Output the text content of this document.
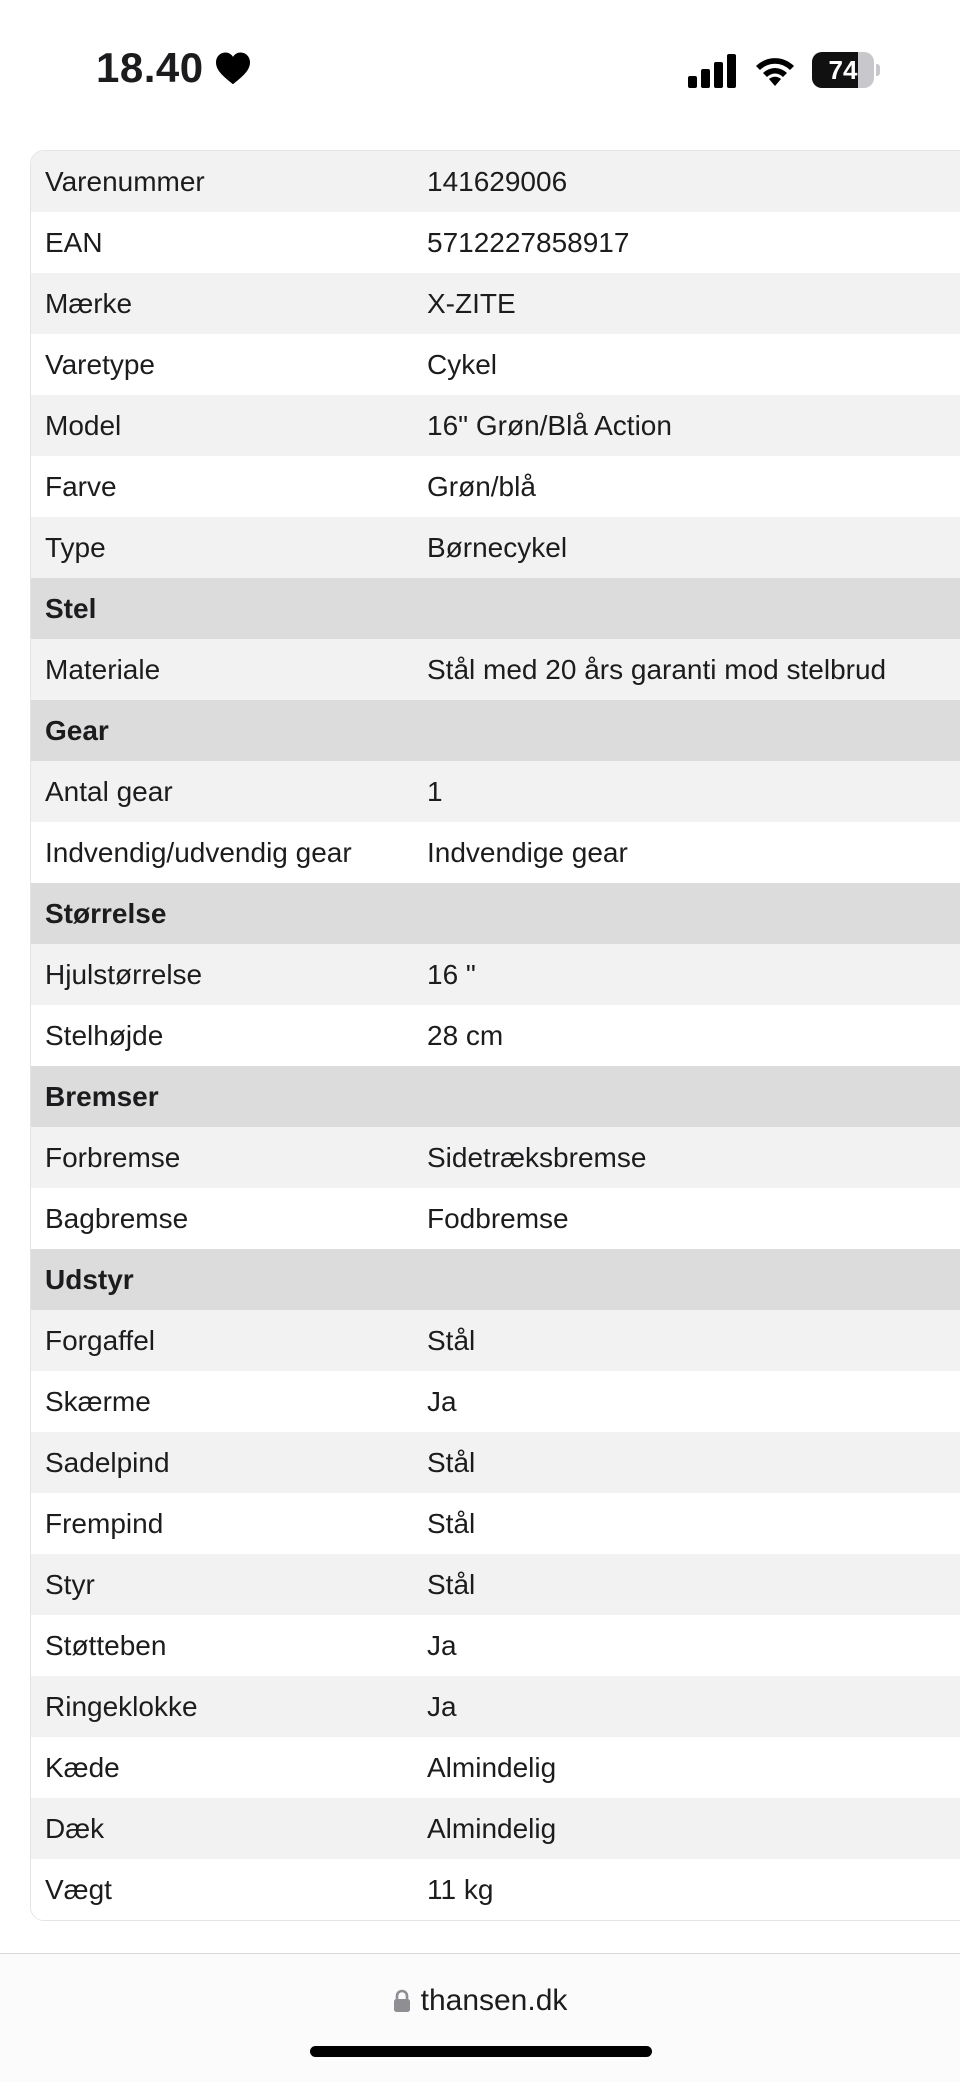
18.40	74
Varenummer	141629006
EAN	5712227858917
Mærke	X-ZITE
Varetype	Cykel
Model	16" Grøn/Blå Action
Farve	Grøn/blå
Type	Børnecykel
Stel
Materiale	Stål med 20 års garanti mod stelbrud
Gear
Antal gear	1
Indvendig/udvendig gear	Indvendige gear
Størrelse
Hjulstørrelse	16 "
Stelhøjde	28 cm
Bremser
Forbremse	Sidetræksbremse
Bagbremse	Fodbremse
Udstyr
Forgaffel	Stål
Skærme	Ja
Sadelpind	Stål
Frempind	Stål
Styr	Stål
Støtteben	Ja
Ringeklokke	Ja
Kæde	Almindelig
Dæk	Almindelig
Vægt	11 kg
thansen.dk
